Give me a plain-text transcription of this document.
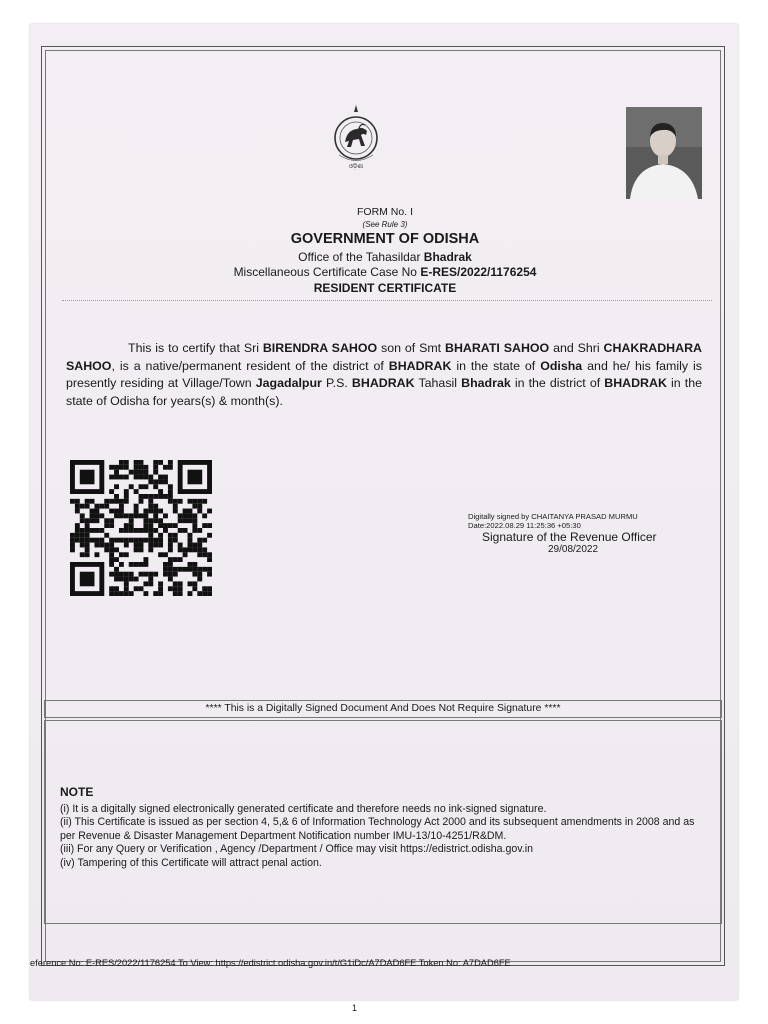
ଓଡ଼ିଶା
FORM No. I
(See Rule 3)
GOVERNMENT OF ODISHA
Office of the Tahasildar Bhadrak
Miscellaneous Certificate Case No E-RES/2022/1176254
RESIDENT CERTIFICATE
This is to certify that Sri BIRENDRA SAHOO son of Smt BHARATI SAHOO and Shri CHAKRADHARA SAHOO, is a native/permanent resident of the district of BHADRAK in the state of Odisha and he/ his family is presently residing at Village/Town Jagadalpur P.S. BHADRAK Tahasil Bhadrak in the district of BHADRAK in the state of Odisha for years(s) & month(s).
Digitally signed by CHAITANYA PRASAD MURMU
Date:2022.08.29 11:25:36 +05:30
Signature of the Revenue Officer
29/08/2022
**** This is a Digitally Signed Document And Does Not Require Signature ****
NOTE
(i) It is a digitally signed electronically generated certificate and therefore needs no ink-signed signature.
(ii) This Certificate is issued as per section 4, 5,& 6 of Information Technology Act 2000 and its subsequent amendments in 2008 and as per Revenue & Disaster Management Department Notification number IMU-13/10-4251/R&DM.
(iii) For any Query or Verification , Agency /Department / Office may visit https://edistrict.odisha.gov.in
(iv) Tampering of this Certificate will attract penal action.
eference No: E-RES/2022/1176254 To View: https://edistrict.odisha.gov.in/t/G1iDc/A7DAD6FE Token No: A7DAD6FE
1
